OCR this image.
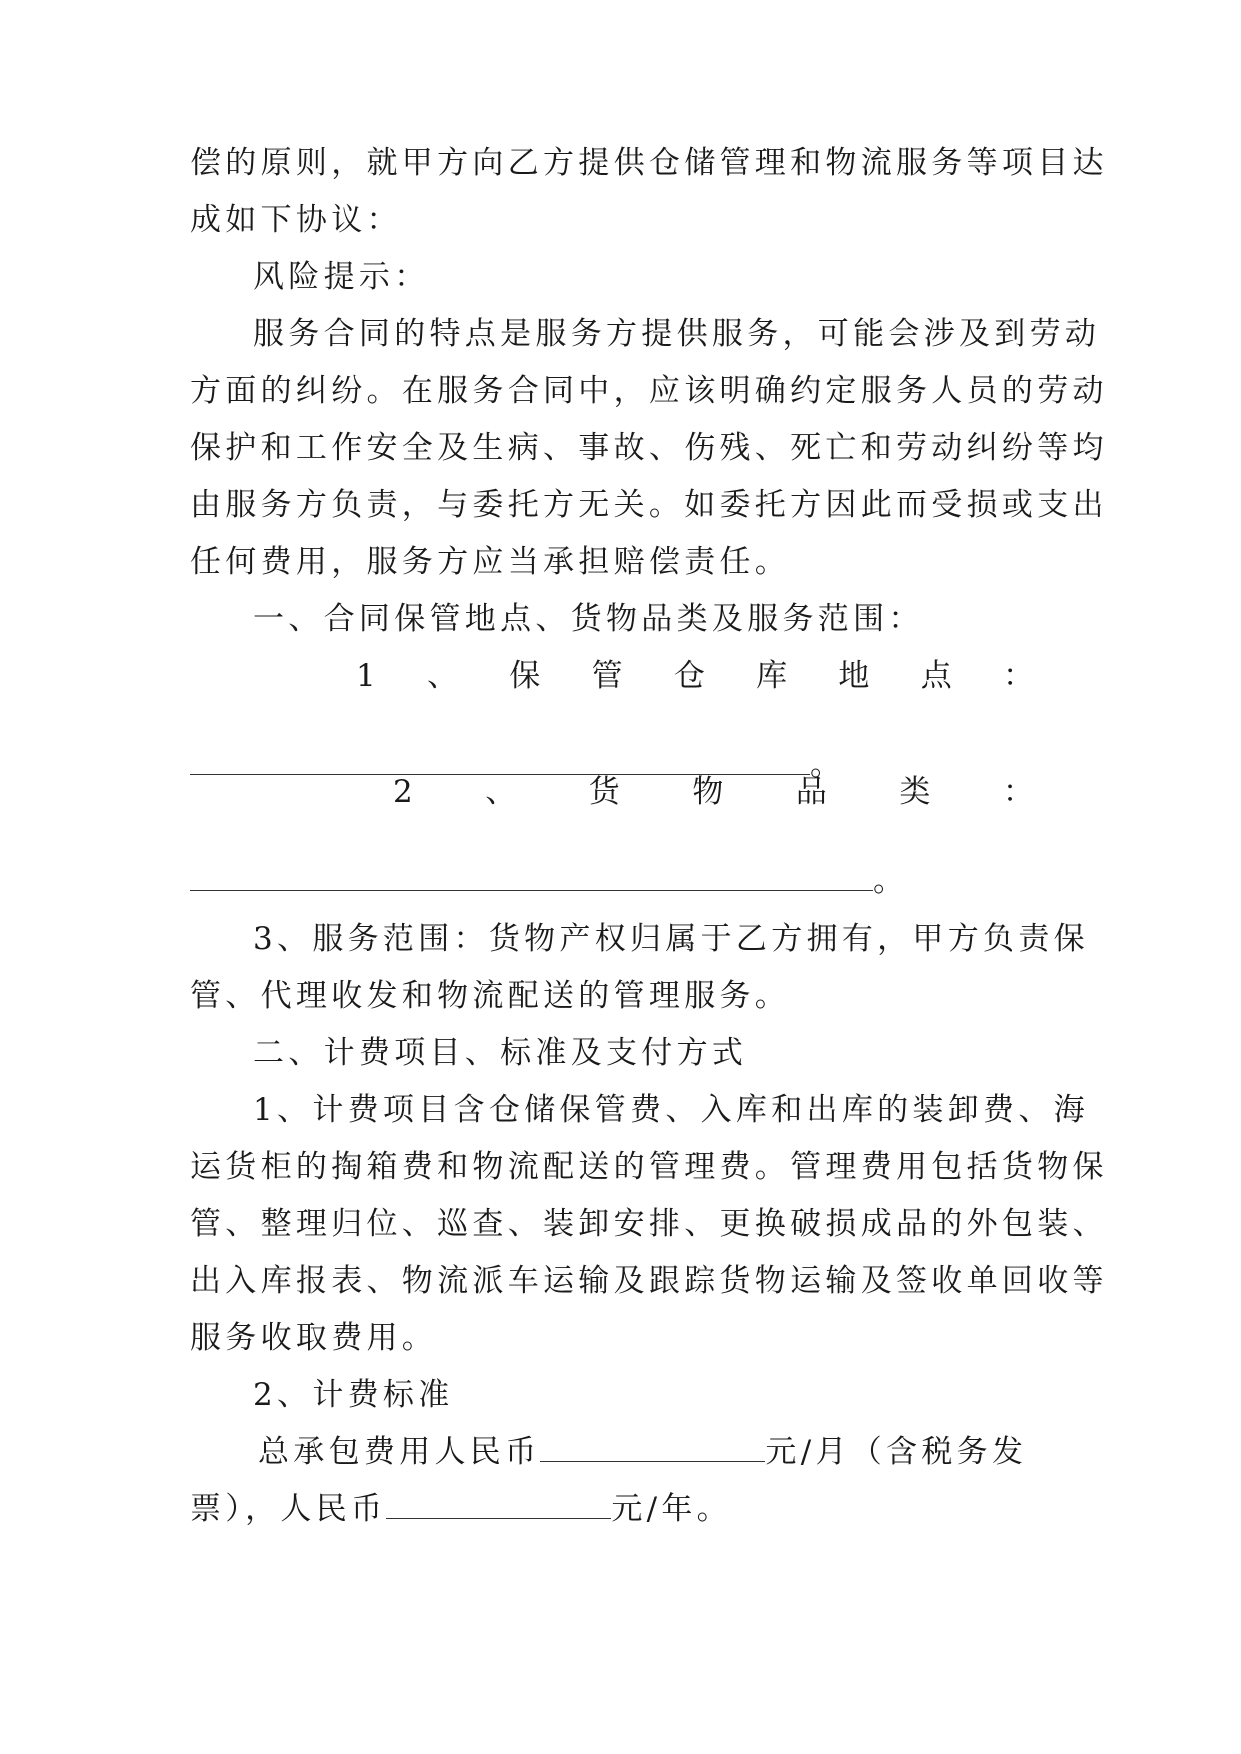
偿的原则，就甲方向乙方提供仓储管理和物流服务等项目达
成如下协议：
风险提示：
服务合同的特点是服务方提供服务，可能会涉及到劳动
方面的纠纷。在服务合同中，应该明确约定服务人员的劳动
保护和工作安全及生病、事故、伤残、死亡和劳动纠纷等均
由服务方负责，与委托方无关。如委托方因此而受损或支出
任何费用，服务方应当承担赔偿责任。
一、合同保管地点、货物品类及服务范围：
1 、 保 管 仓 库 地 点 ：
。
2 、 货 物 品 类 ：
。
3、服务范围：货物产权归属于乙方拥有，甲方负责保
管、代理收发和物流配送的管理服务。
二、计费项目、标准及支付方式
1、计费项目含仓储保管费、入库和出库的装卸费、海
运货柜的掏箱费和物流配送的管理费。管理费用包括货物保
管、整理归位、巡查、装卸安排、更换破损成品的外包装、
出入库报表、物流派车运输及跟踪货物运输及签收单回收等
服务收取费用。
2、计费标准
总承包费用人民币	元/月（含税务发
票），人民币	元/年。
